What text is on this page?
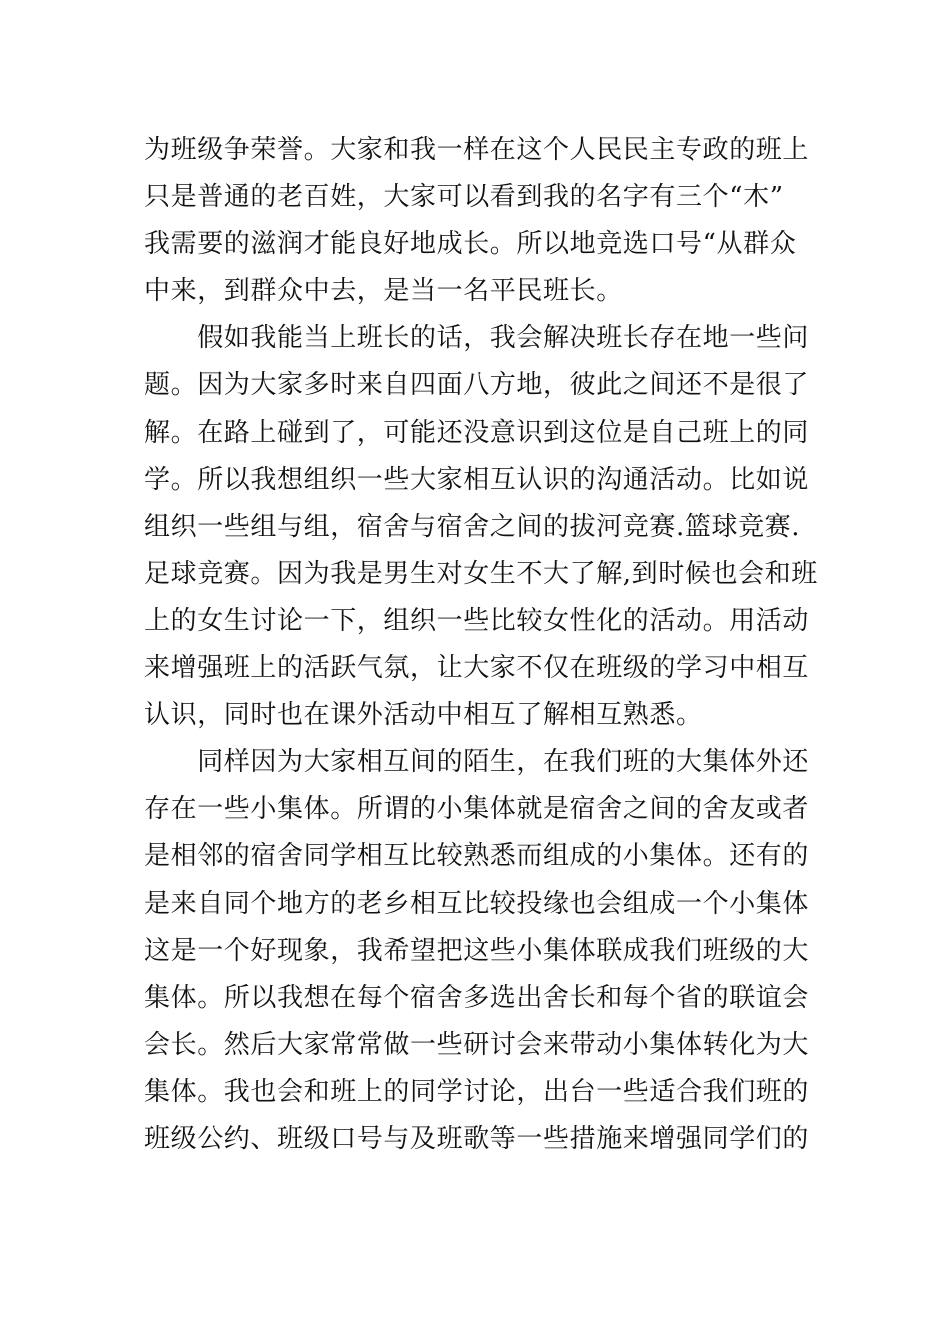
为班级争荣誉。大家和我一样在这个人民民主专政的班上
只是普通的老百姓，大家可以看到我的名字有三个“木”
我需要的滋润才能良好地成长。所以地竞选口号“从群众
中来，到群众中去，是当一名平民班长。
　　假如我能当上班长的话，我会解决班长存在地一些问
题。因为大家多时来自四面八方地，彼此之间还不是很了
解。在路上碰到了，可能还没意识到这位是自己班上的同
学。所以我想组织一些大家相互认识的沟通活动。比如说
组织一些组与组，宿舍与宿舍之间的拔河竞赛.篮球竞赛.
足球竞赛。因为我是男生对女生不大了解,到时候也会和班
上的女生讨论一下，组织一些比较女性化的活动。用活动
来增强班上的活跃气氛，让大家不仅在班级的学习中相互
认识，同时也在课外活动中相互了解相互熟悉。
　　同样因为大家相互间的陌生，在我们班的大集体外还
存在一些小集体。所谓的小集体就是宿舍之间的舍友或者
是相邻的宿舍同学相互比较熟悉而组成的小集体。还有的
是来自同个地方的老乡相互比较投缘也会组成一个小集体
这是一个好现象，我希望把这些小集体联成我们班级的大
集体。所以我想在每个宿舍多选出舍长和每个省的联谊会
会长。然后大家常常做一些研讨会来带动小集体转化为大
集体。我也会和班上的同学讨论，出台一些适合我们班的
班级公约、班级口号与及班歌等一些措施来增强同学们的
